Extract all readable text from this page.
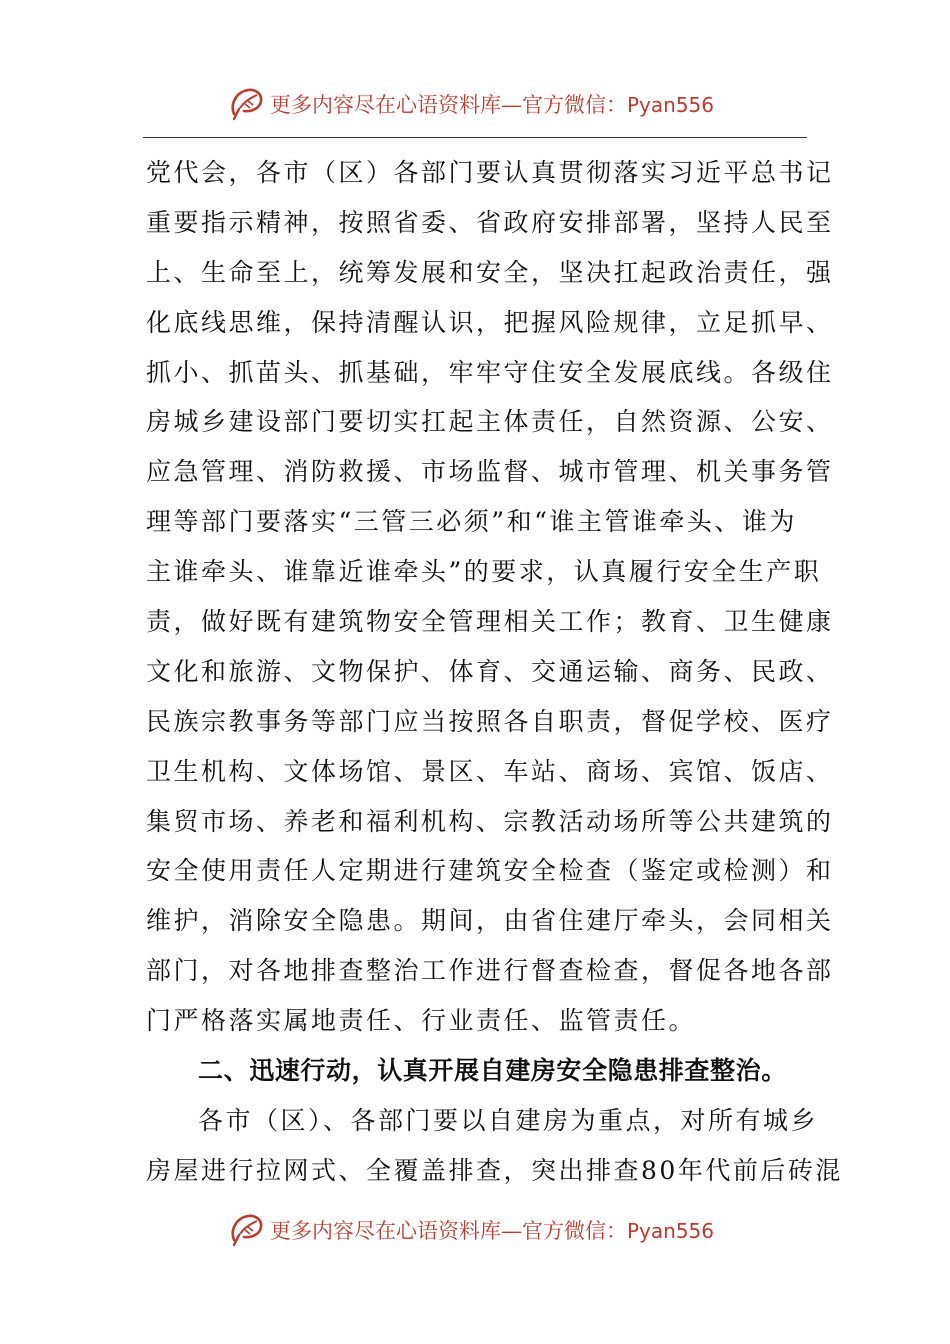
更多内容尽在心语资料库—官方微信：Pyan556
党代会，各市（区）各部门要认真贯彻落实习近平总书记
重要指示精神，按照省委、省政府安排部署，坚持人民至
上、生命至上，统筹发展和安全，坚决扛起政治责任，强
化底线思维，保持清醒认识，把握风险规律，立足抓早、
抓小、抓苗头、抓基础，牢牢守住安全发展底线。各级住
房城乡建设部门要切实扛起主体责任，自然资源、公安、
应急管理、消防救援、市场监督、城市管理、机关事务管
理等部门要落实“三管三必须”和“谁主管谁牵头、谁为
主谁牵头、谁靠近谁牵头”的要求，认真履行安全生产职
责，做好既有建筑物安全管理相关工作；教育、卫生健康
文化和旅游、文物保护、体育、交通运输、商务、民政、
民族宗教事务等部门应当按照各自职责，督促学校、医疗
卫生机构、文体场馆、景区、车站、商场、宾馆、饭店、
集贸市场、养老和福利机构、宗教活动场所等公共建筑的
安全使用责任人定期进行建筑安全检查（鉴定或检测）和
维护，消除安全隐患。期间，由省住建厅牵头，会同相关
部门，对各地排查整治工作进行督查检查，督促各地各部
门严格落实属地责任、行业责任、监管责任。
二、迅速行动，认真开展自建房安全隐患排查整治。
各市（区）、各部门要以自建房为重点，对所有城乡
房屋进行拉网式、全覆盖排查，突出排查80年代前后砖混
更多内容尽在心语资料库—官方微信：Pyan556
